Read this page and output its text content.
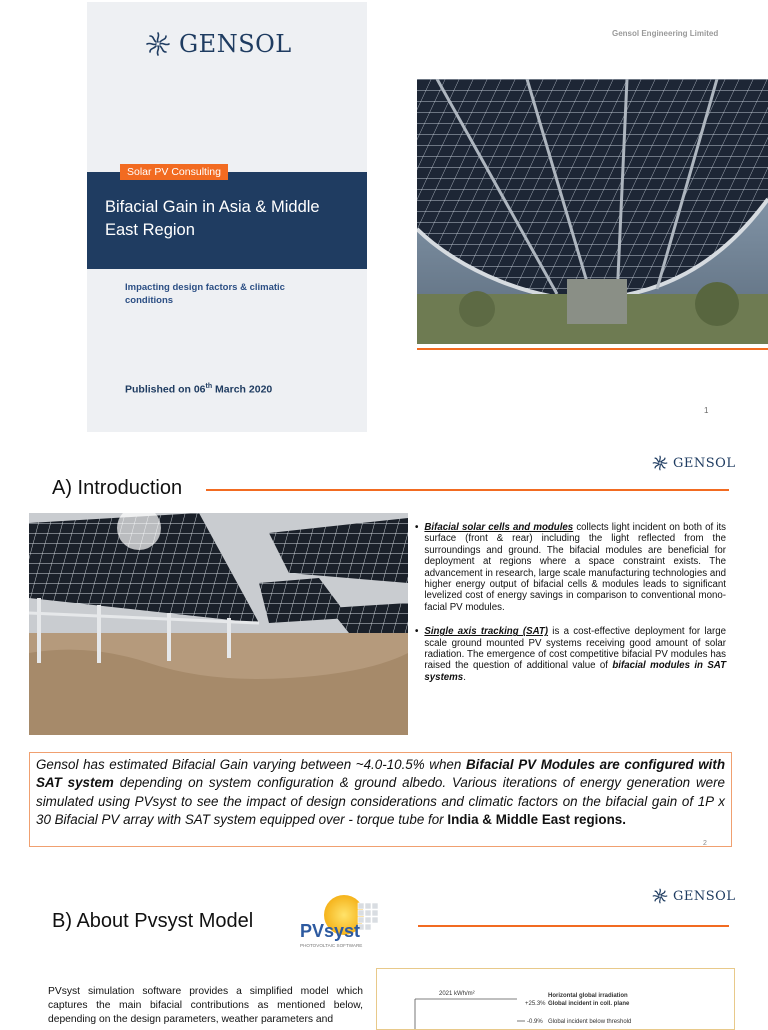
GENSOL
Solar PV Consulting
Bifacial Gain in Asia & Middle East Region
Impacting design factors & climatic conditions
Published on 06th March 2020
Gensol Engineering Limited
1
GENSOL
A) Introduction
• Bifacial solar cells and modules collects light incident on both of its surface (front & rear) including the light reflected from the surroundings and ground. The bifacial modules are beneficial for deployment at regions where a space constraint exists. The advancement in research, large scale manufacturing technologies and higher energy output of bifacial cells & modules leads to significant levelized cost of energy savings in comparison to conventional mono-facial PV modules.
• Single axis tracking (SAT) is a cost-effective deployment for large scale ground mounted PV systems receiving good amount of solar radiation. The emergence of cost competitive bifacial PV modules has raised the question of additional value of bifacial modules in SAT systems.
Gensol has estimated Bifacial Gain varying between ~4.0-10.5% when Bifacial PV Modules are configured with SAT system depending on system configuration & ground albedo. Various iterations of energy generation were simulated using PVsyst to see the impact of design considerations and climatic factors on the bifacial gain of 1P x 30 Bifacial PV array with SAT system equipped over - torque tube for India & Middle East regions.
2
GENSOL
B) About Pvsyst Model	PVsyst
PHOTOVOLTAIC SOFTWARE
PVsyst simulation software provides a simplified model which captures the main bifacial contributions as mentioned below, depending on the design parameters, weather parameters and
2021 kWh/m²	Horizontal global irradiation
+25.3% Global incident in coll. plane
-0.9% Global incident below threshold
